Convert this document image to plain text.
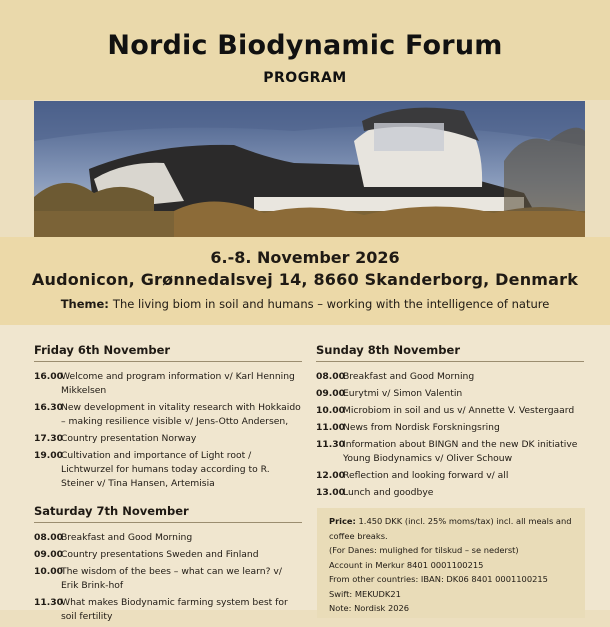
Nordic Biodynamic Forum
PROGRAM
6.-8. November 2026
Audonicon, Grønnedalsvej 14, 8660 Skanderborg, Denmark
Theme: The living biom in soil and humans – working with the intelligence of nature
Friday 6th November
16.00
Welcome and program information v/ Karl Henning Mikkelsen
16.30
New development in vitality research with Hokkaido – making resilience visible v/ Jens-Otto Andersen,
17.30
Country presentation Norway
19.00
Cultivation and importance of Light root / Lichtwurzel for humans today according to R. Steiner v/ Tina Hansen, Artemisia
Saturday 7th November
08.00
Breakfast and Good Morning
09.00
Country presentations Sweden and Finland
10.00
The wisdom of the bees – what can we learn? v/ Erik Brink-hof
11.30
What makes Biodynamic farming system best for soil fertility
Sunday 8th November
08.00
Breakfast and Good Morning
09.00
Eurytmi v/ Simon Valentin
10.00
Microbiom in soil and us v/ Annette V. Vestergaard
11.00
News from Nordisk Forskningsring
11.30
Information about BINGN and the new DK initiative Young Biodynamics v/ Oliver Schouw
12.00
Reflection and looking forward v/ all
13.00
Lunch and goodbye
Price: 1.450 DKK (incl. 25% moms/tax) incl. all meals and coffee breaks.
(For Danes: mulighed for tilskud – se nederst)
Account in Merkur 8401 0001100215
From other countries: IBAN: DK06 8401 0001100215
Swift: MEKUDK21
Note: Nordisk 2026
